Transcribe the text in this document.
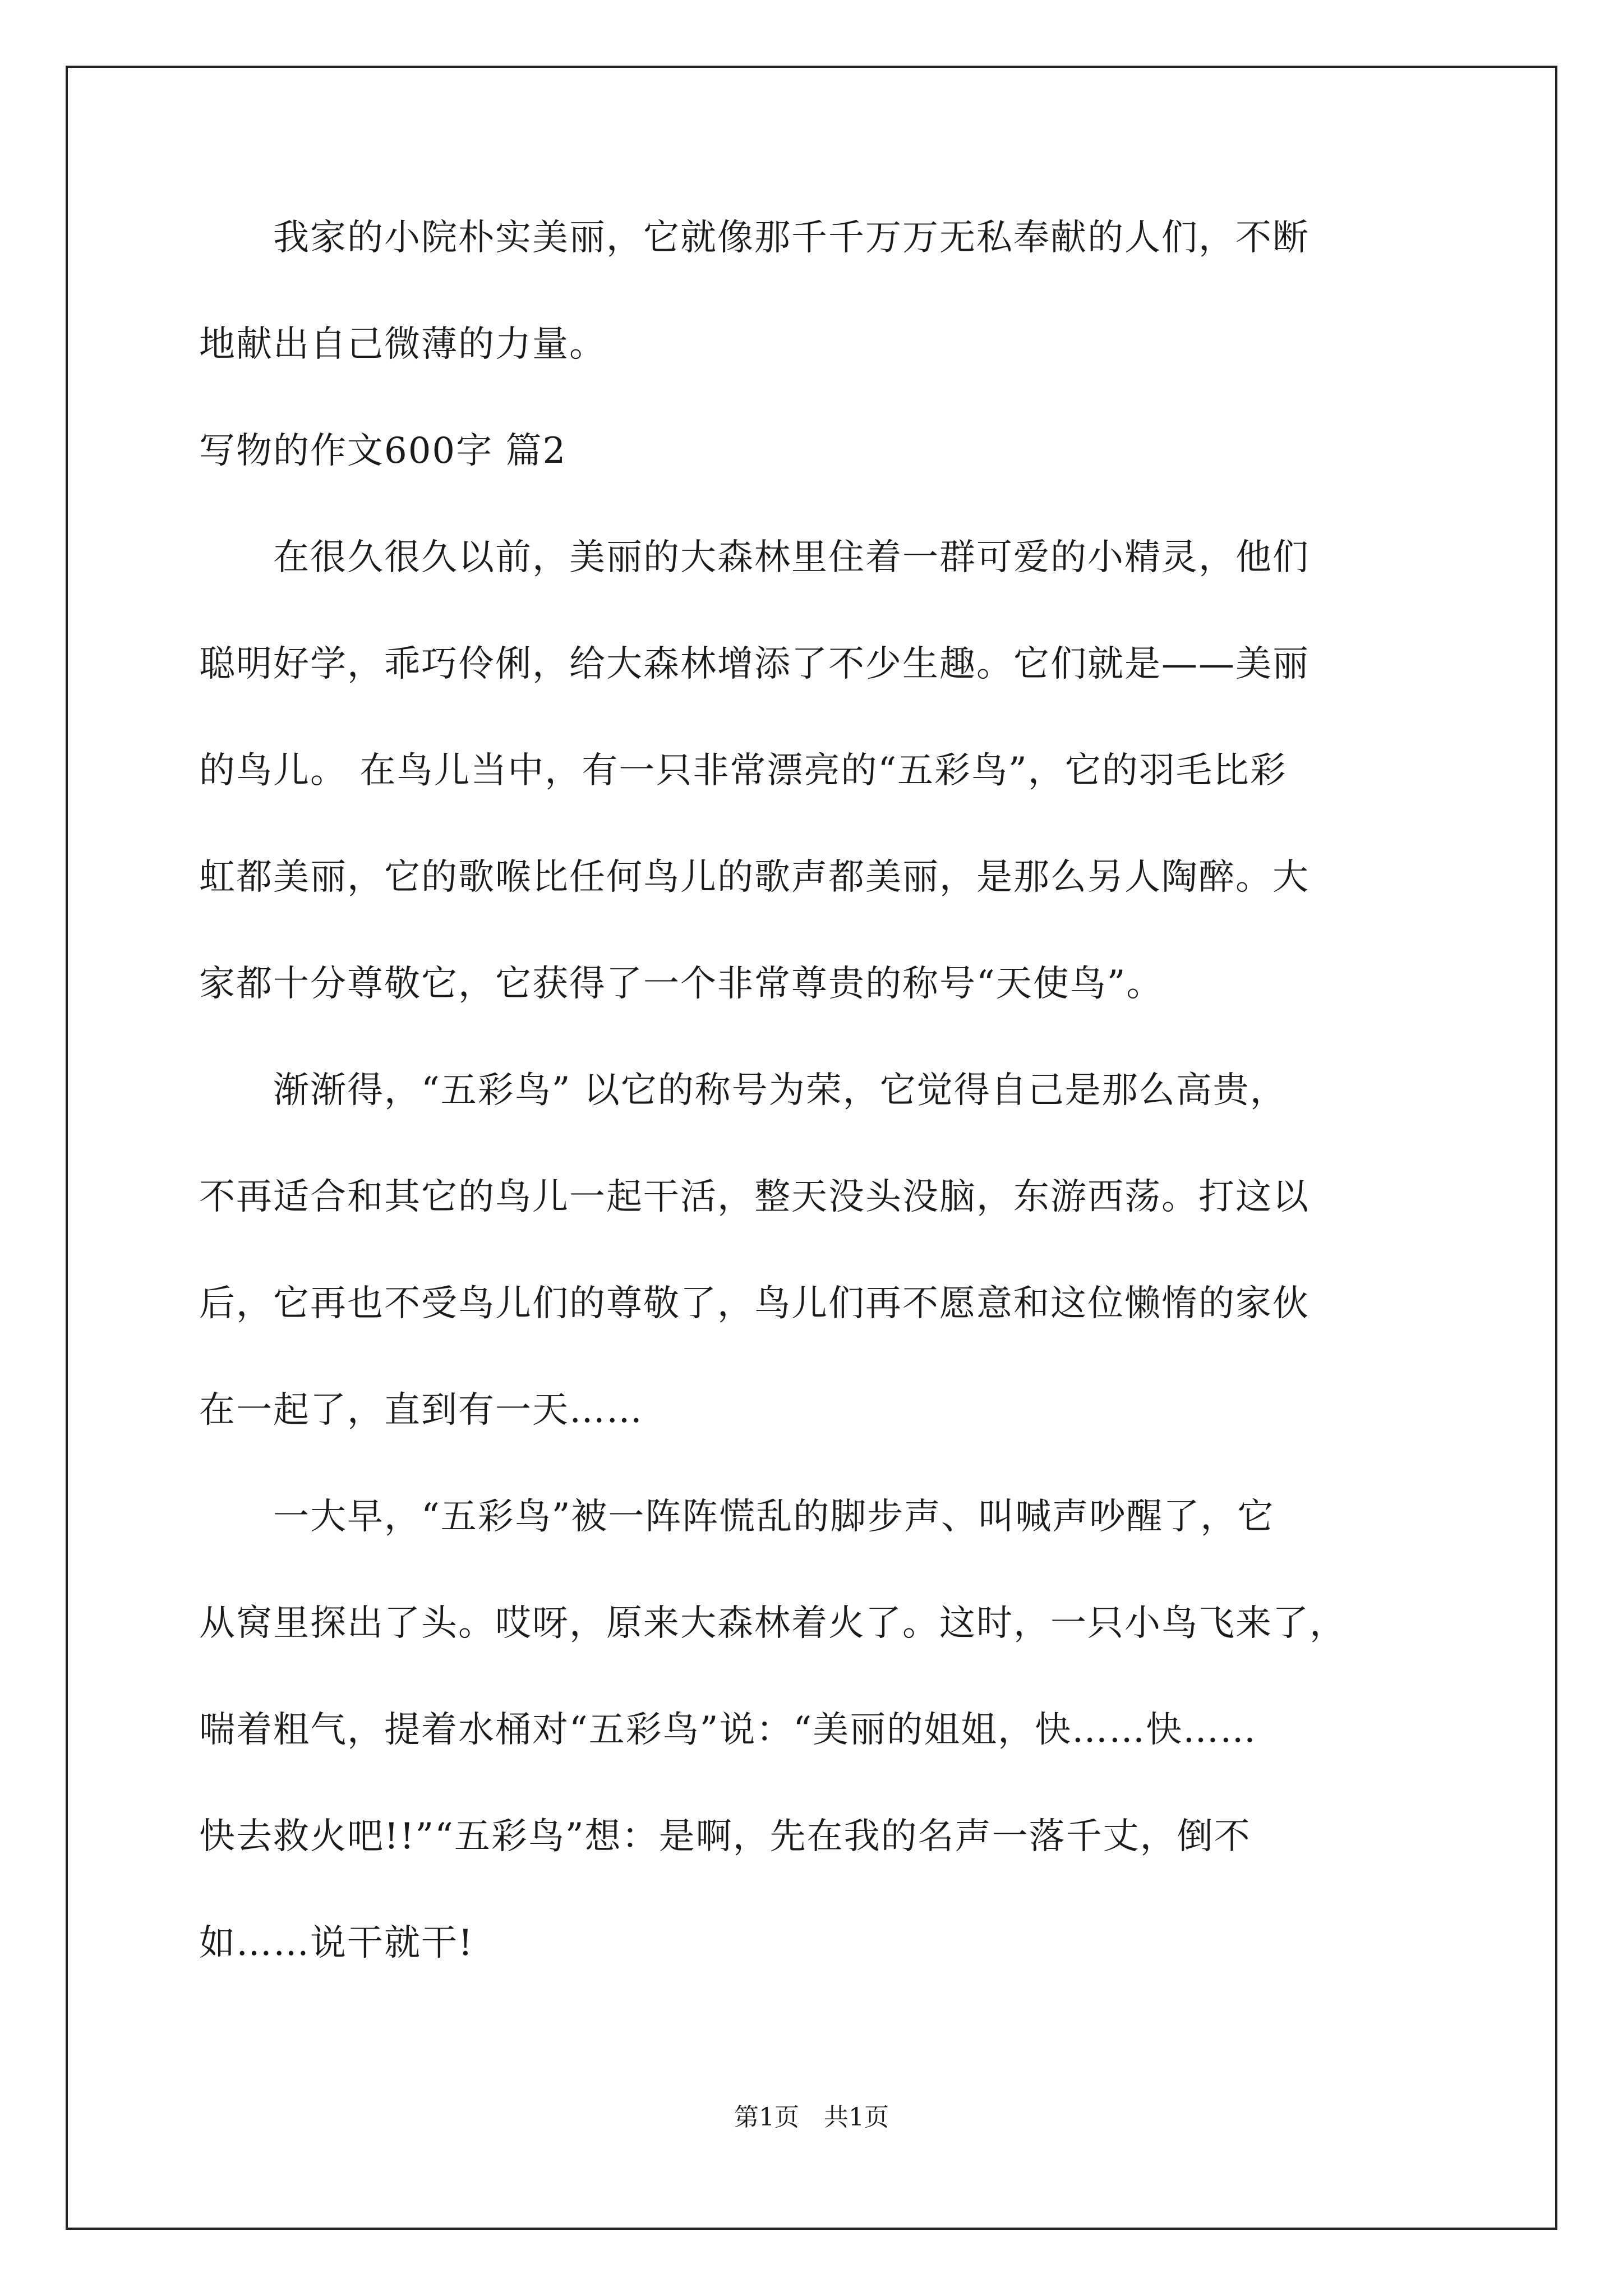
　　我家的小院朴实美丽，它就像那千千万万无私奉献的人们，不断
地献出自己微薄的力量。
写物的作文600字 篇2
　　在很久很久以前，美丽的大森林里住着一群可爱的小精灵，他们
聪明好学，乖巧伶俐，给大森林增添了不少生趣。它们就是——美丽
的鸟儿。 在鸟儿当中，有一只非常漂亮的“五彩鸟”，它的羽毛比彩
虹都美丽，它的歌喉比任何鸟儿的歌声都美丽，是那么另人陶醉。大
家都十分尊敬它，它获得了一个非常尊贵的称号“天使鸟”。
　　渐渐得，“五彩鸟” 以它的称号为荣，它觉得自己是那么高贵，
不再适合和其它的鸟儿一起干活，整天没头没脑，东游西荡。打这以
后，它再也不受鸟儿们的尊敬了，鸟儿们再不愿意和这位懒惰的家伙
在一起了，直到有一天……
　　一大早，“五彩鸟”被一阵阵慌乱的脚步声、叫喊声吵醒了，它
从窝里探出了头。哎呀，原来大森林着火了。这时，一只小鸟飞来了，
喘着粗气，提着水桶对“五彩鸟”说：“美丽的姐姐，快……快……
快去救火吧!!”“五彩鸟”想：是啊，先在我的名声一落千丈，倒不
如……说干就干!
第1页　共1页
